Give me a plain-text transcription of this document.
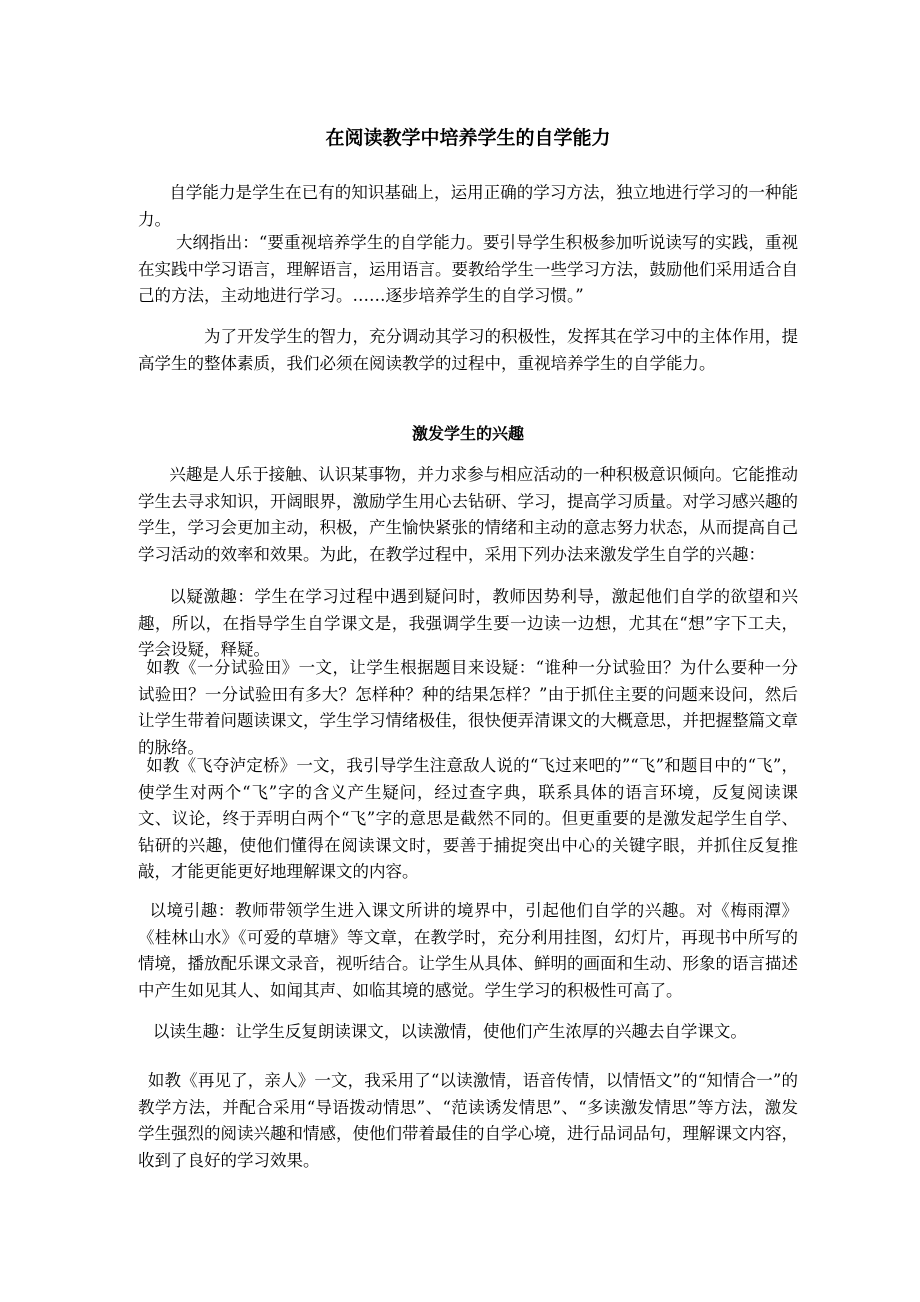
在阅读教学中培养学生的自学能力

自学能力是学生在已有的知识基础上，运用正确的学习方法，独立地进行学习的一种能力。

大纲指出：“要重视培养学生的自学能力。要引导学生积极参加听说读写的实践，重视在实践中学习语言，理解语言，运用语言。要教给学生一些学习方法，鼓励他们采用适合自己的方法，主动地进行学习。……逐步培养学生的自学习惯。”

为了开发学生的智力，充分调动其学习的积极性，发挥其在学习中的主体作用，提高学生的整体素质，我们必须在阅读教学的过程中，重视培养学生的自学能力。

激发学生的兴趣

兴趣是人乐于接触、认识某事物，并力求参与相应活动的一种积极意识倾向。它能推动学生去寻求知识，开阔眼界，激励学生用心去钻研、学习，提高学习质量。对学习感兴趣的学生，学习会更加主动，积极，产生愉快紧张的情绪和主动的意志努力状态，从而提高自己学习活动的效率和效果。为此，在教学过程中，采用下列办法来激发学生自学的兴趣：

以疑激趣：学生在学习过程中遇到疑问时，教师因势利导，激起他们自学的欲望和兴趣，所以，在指导学生自学课文是，我强调学生要一边读一边想，尤其在“想”字下工夫，学会设疑，释疑。

如教《一分试验田》一文，让学生根据题目来设疑：“谁种一分试验田？为什么要种一分试验田？一分试验田有多大？怎样种？种的结果怎样？”由于抓住主要的问题来设问，然后让学生带着问题读课文，学生学习情绪极佳，很快便弄清课文的大概意思，并把握整篇文章的脉络。

如教《飞夺泸定桥》一文，我引导学生注意敌人说的“飞过来吧的”“飞”和题目中的“飞”，使学生对两个“飞”字的含义产生疑问，经过查字典，联系具体的语言环境，反复阅读课文、议论，终于弄明白两个“飞”字的意思是截然不同的。但更重要的是激发起学生自学、钻研的兴趣，使他们懂得在阅读课文时，要善于捕捉突出中心的关键字眼，并抓住反复推敲，才能更能更好地理解课文的内容。

以境引趣：教师带领学生进入课文所讲的境界中，引起他们自学的兴趣。对《梅雨潭》《桂林山水》《可爱的草塘》等文章，在教学时，充分利用挂图，幻灯片，再现书中所写的情境，播放配乐课文录音，视听结合。让学生从具体、鲜明的画面和生动、形象的语言描述中产生如见其人、如闻其声、如临其境的感觉。学生学习的积极性可高了。

以读生趣：让学生反复朗读课文，以读激情，使他们产生浓厚的兴趣去自学课文。

如教《再见了，亲人》一文，我采用了“以读激情，语音传情，以情悟文”的“知情合一”的教学方法，并配合采用“导语拨动情思”、“范读诱发情思”、“多读激发情思”等方法，激发学生强烈的阅读兴趣和情感，使他们带着最佳的自学心境，进行品词品句，理解课文内容，收到了良好的学习效果。
